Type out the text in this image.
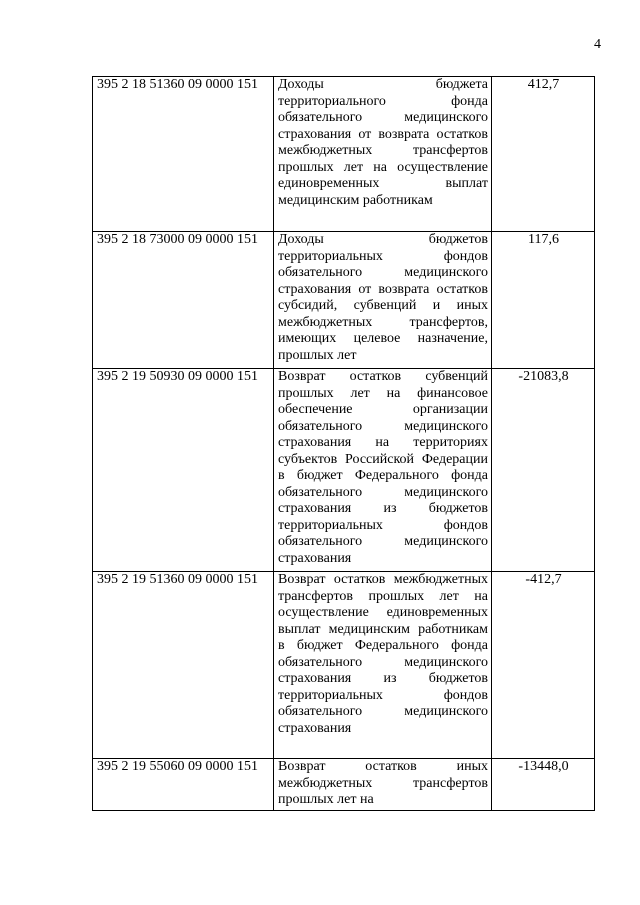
4
395 2 18 51360 09 0000 151	Доходы бюджета территориального фонда обязательного медицинского страхования от возврата остатков межбюджетных трансфертов прошлых лет на осуществление единовременных выплат медицинским работникам	412,7
395 2 18 73000 09 0000 151	Доходы бюджетов территориальных фондов обязательного медицинского страхования от возврата остатков субсидий, субвенций и иных межбюджетных трансфертов, имеющих целевое назначение, прошлых лет	117,6
395 2 19 50930 09 0000 151	Возврат остатков субвенций прошлых лет на финансовое обеспечение организации обязательного медицинского страхования на территориях субъектов Российской Федерации в бюджет Федерального фонда обязательного медицинского страхования из бюджетов территориальных фондов обязательного медицинского страхования	-21083,8
395 2 19 51360 09 0000 151	Возврат остатков межбюджетных трансфертов прошлых лет на осуществление единовременных выплат медицинским работникам в бюджет Федерального фонда обязательного медицинского страхования из бюджетов территориальных фондов обязательного медицинского страхования	-412,7
395 2 19 55060 09 0000 151	Возврат остатков иных межбюджетных трансфертов прошлых лет на	-13448,0
